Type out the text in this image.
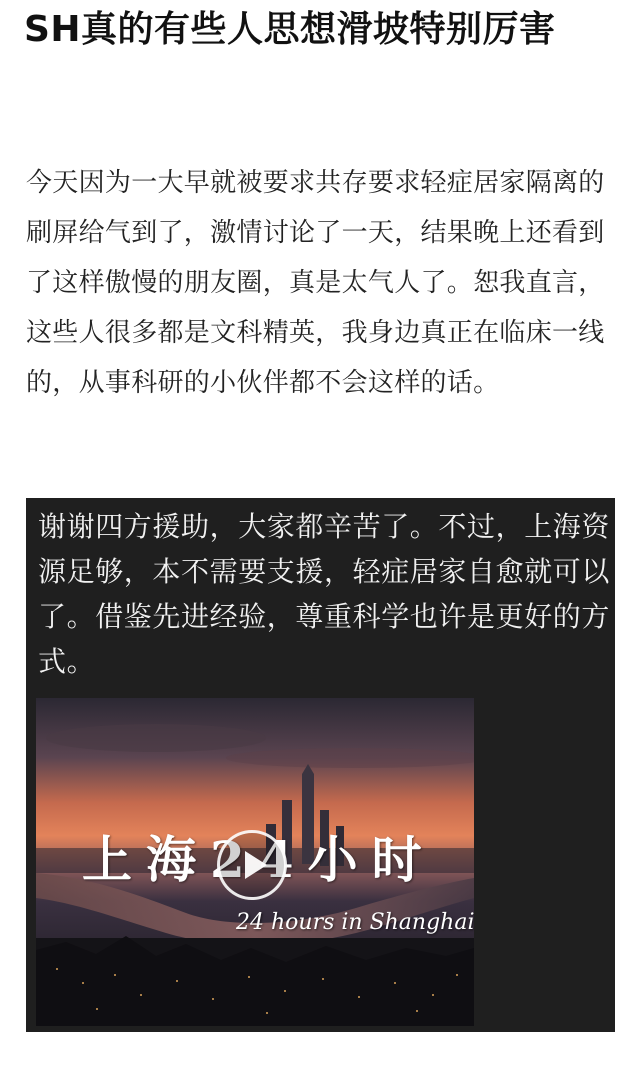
SH真的有些人思想滑坡特别厉害

今天因为一大早就被要求共存要求轻症居家隔离的刷屏给气到了，激情讨论了一天，结果晚上还看到了这样傲慢的朋友圈，真是太气人了。恕我直言，这些人很多都是文科精英，我身边真正在临床一线的，从事科研的小伙伴都不会这样的话。

谢谢四方援助，大家都辛苦了。不过，上海资源足够，本不需要支援，轻症居家自愈就可以了。借鉴先进经验，尊重科学也许是更好的方式。

上海24小时
24 hours in Shanghai
